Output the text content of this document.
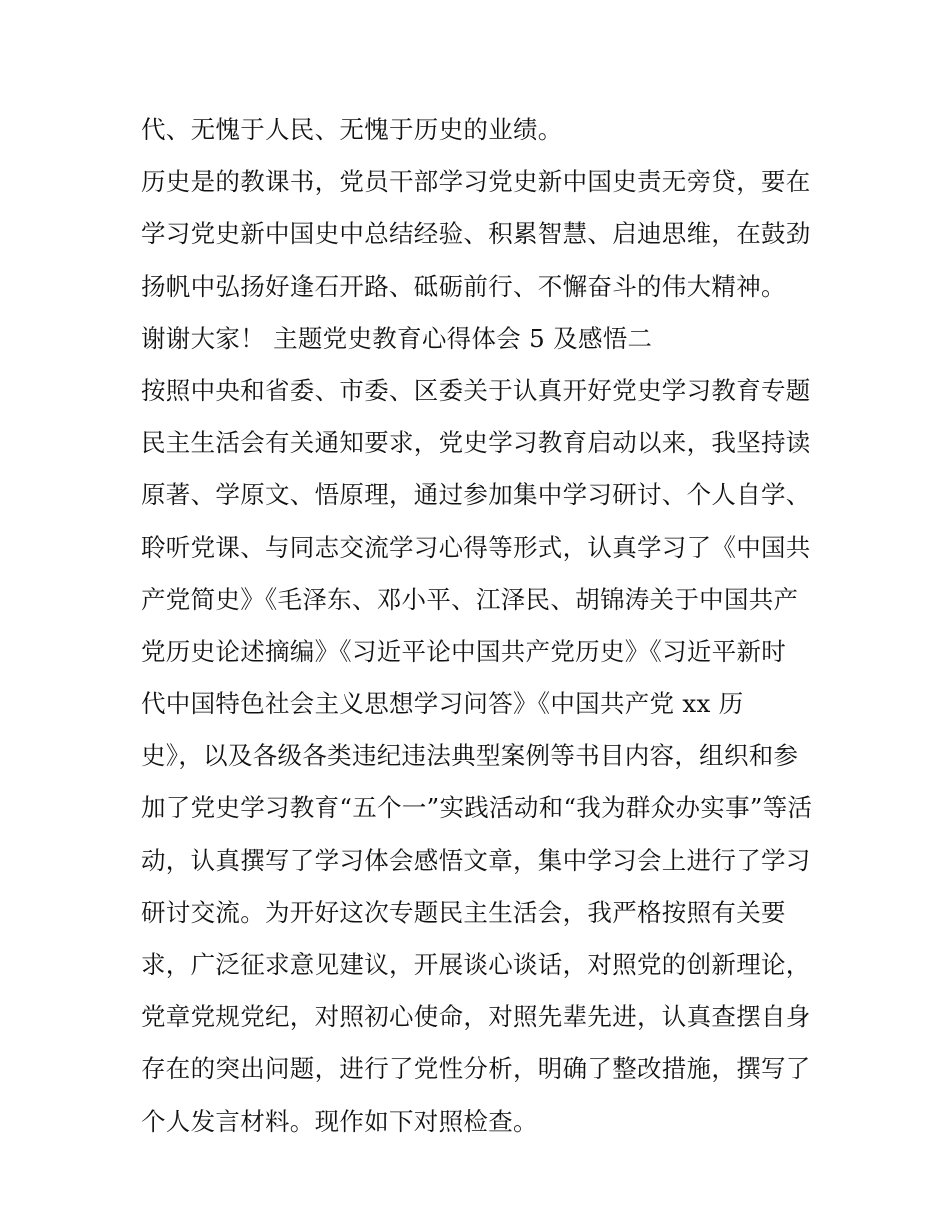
代、无愧于人民、无愧于历史的业绩。
历史是的教课书，党员干部学习党史新中国史责无旁贷，要在
学习党史新中国史中总结经验、积累智慧、启迪思维，在鼓劲
扬帆中弘扬好逢石开路、砥砺前行、不懈奋斗的伟大精神。
谢谢大家！ 主题党史教育心得体会 5 及感悟二
按照中央和省委、市委、区委关于认真开好党史学习教育专题
民主生活会有关通知要求，党史学习教育启动以来，我坚持读
原著、学原文、悟原理，通过参加集中学习研讨、个人自学、
聆听党课、与同志交流学习心得等形式，认真学习了《中国共
产党简史》《毛泽东、邓小平、江泽民、胡锦涛关于中国共产
党历史论述摘编》《习近平论中国共产党历史》《习近平新时
代中国特色社会主义思想学习问答》《中国共产党 xx 历
史》，以及各级各类违纪违法典型案例等书目内容，组织和参
加了党史学习教育“五个一”实践活动和“我为群众办实事”等活
动，认真撰写了学习体会感悟文章，集中学习会上进行了学习
研讨交流。为开好这次专题民主生活会，我严格按照有关要
求，广泛征求意见建议，开展谈心谈话，对照党的创新理论，
党章党规党纪，对照初心使命，对照先辈先进，认真查摆自身
存在的突出问题，进行了党性分析，明确了整改措施，撰写了
个人发言材料。现作如下对照检查。
